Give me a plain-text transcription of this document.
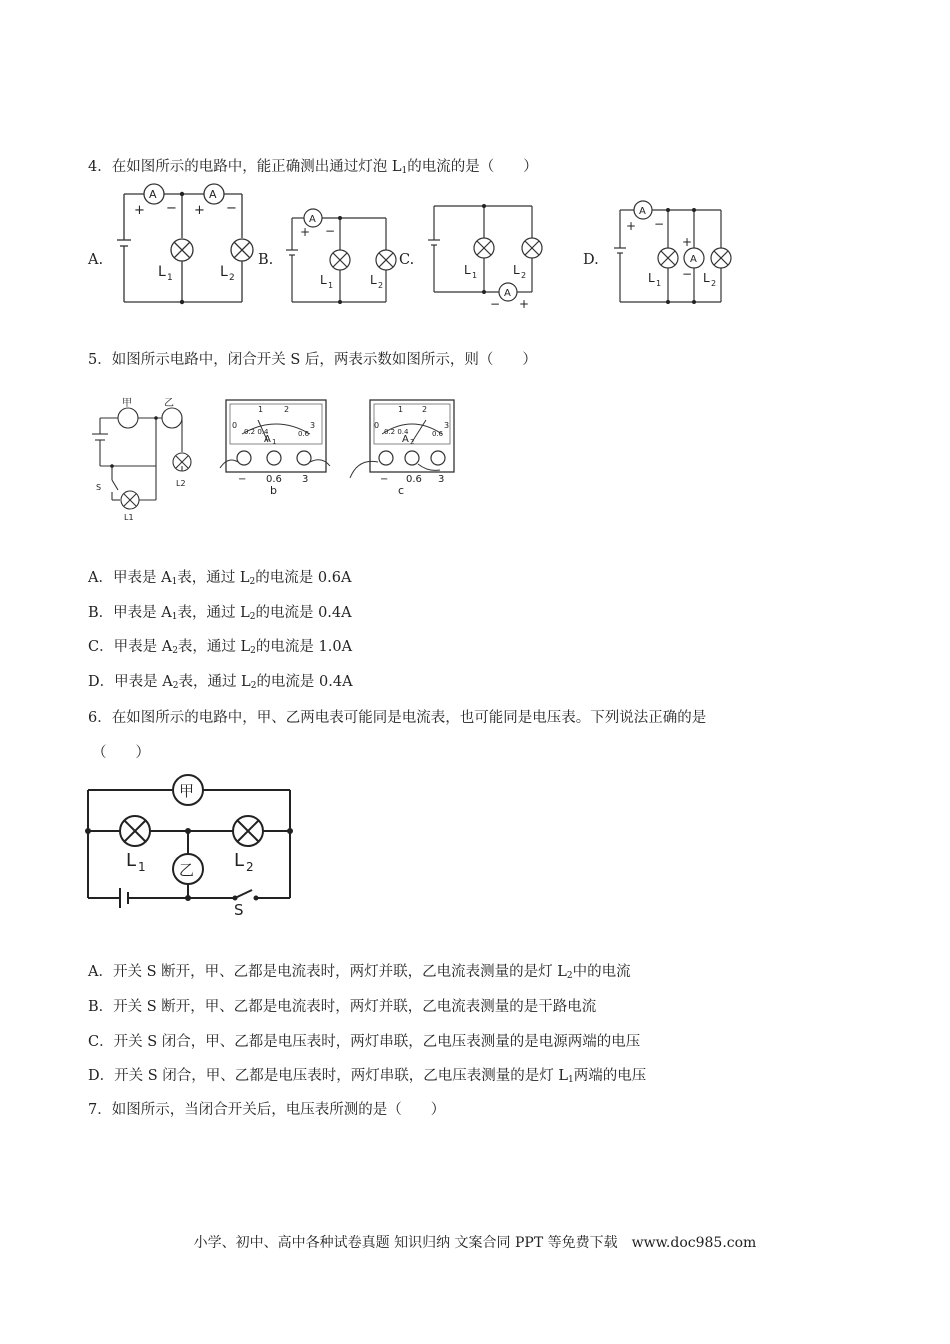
4．在如图所示的电路中，能正确测出通过灯泡 $L_1$的电流的是（　　）
A.	B.	C.	D.
A	A
+ − + −
L 1	L 2
A
+ −
L 1	L 2
A
− +
L 1	L 2
A
A
+ −
+
−
L 1	L 2
5．如图所示电路中，闭合开关 S 后，两表示数如图所示，则（　　）
甲	乙
S
L1
L2
0
1	2
3
0.2 0.4	0.6
A 1
− 0.6 3
b
0
1 2
3
0.2 0.4	0.6
A 2
− 0.6 3
c
A．甲表是 $A_1$表，通过 $L_2$的电流是 0.6A
B．甲表是 $A_1$表，通过 $L_2$的电流是 0.4A
C．甲表是 $A_2$表，通过 $L_2$的电流是 1.0A
D．甲表是 $A_2$表，通过 $L_2$的电流是 0.4A
6．在如图所示的电路中，甲、乙两电表可能同是电流表，也可能同是电压表。下列说法正确的是
（　　）
甲
乙
L 1	L 2
S
A．开关 S 断开，甲、乙都是电流表时，两灯并联，乙电流表测量的是灯 $L_2$中的电流
B．开关 S 断开，甲、乙都是电流表时，两灯并联，乙电流表测量的是干路电流
C．开关 S 闭合，甲、乙都是电压表时，两灯串联，乙电压表测量的是电源两端的电压
D．开关 S 闭合，甲、乙都是电压表时，两灯串联，乙电压表测量的是灯 $L_1$两端的电压
7．如图所示，当闭合开关后，电压表所测的是（　　）
小学、初中、高中各种试卷真题 知识归纳 文案合同 PPT 等免费下载　www.doc985.com
